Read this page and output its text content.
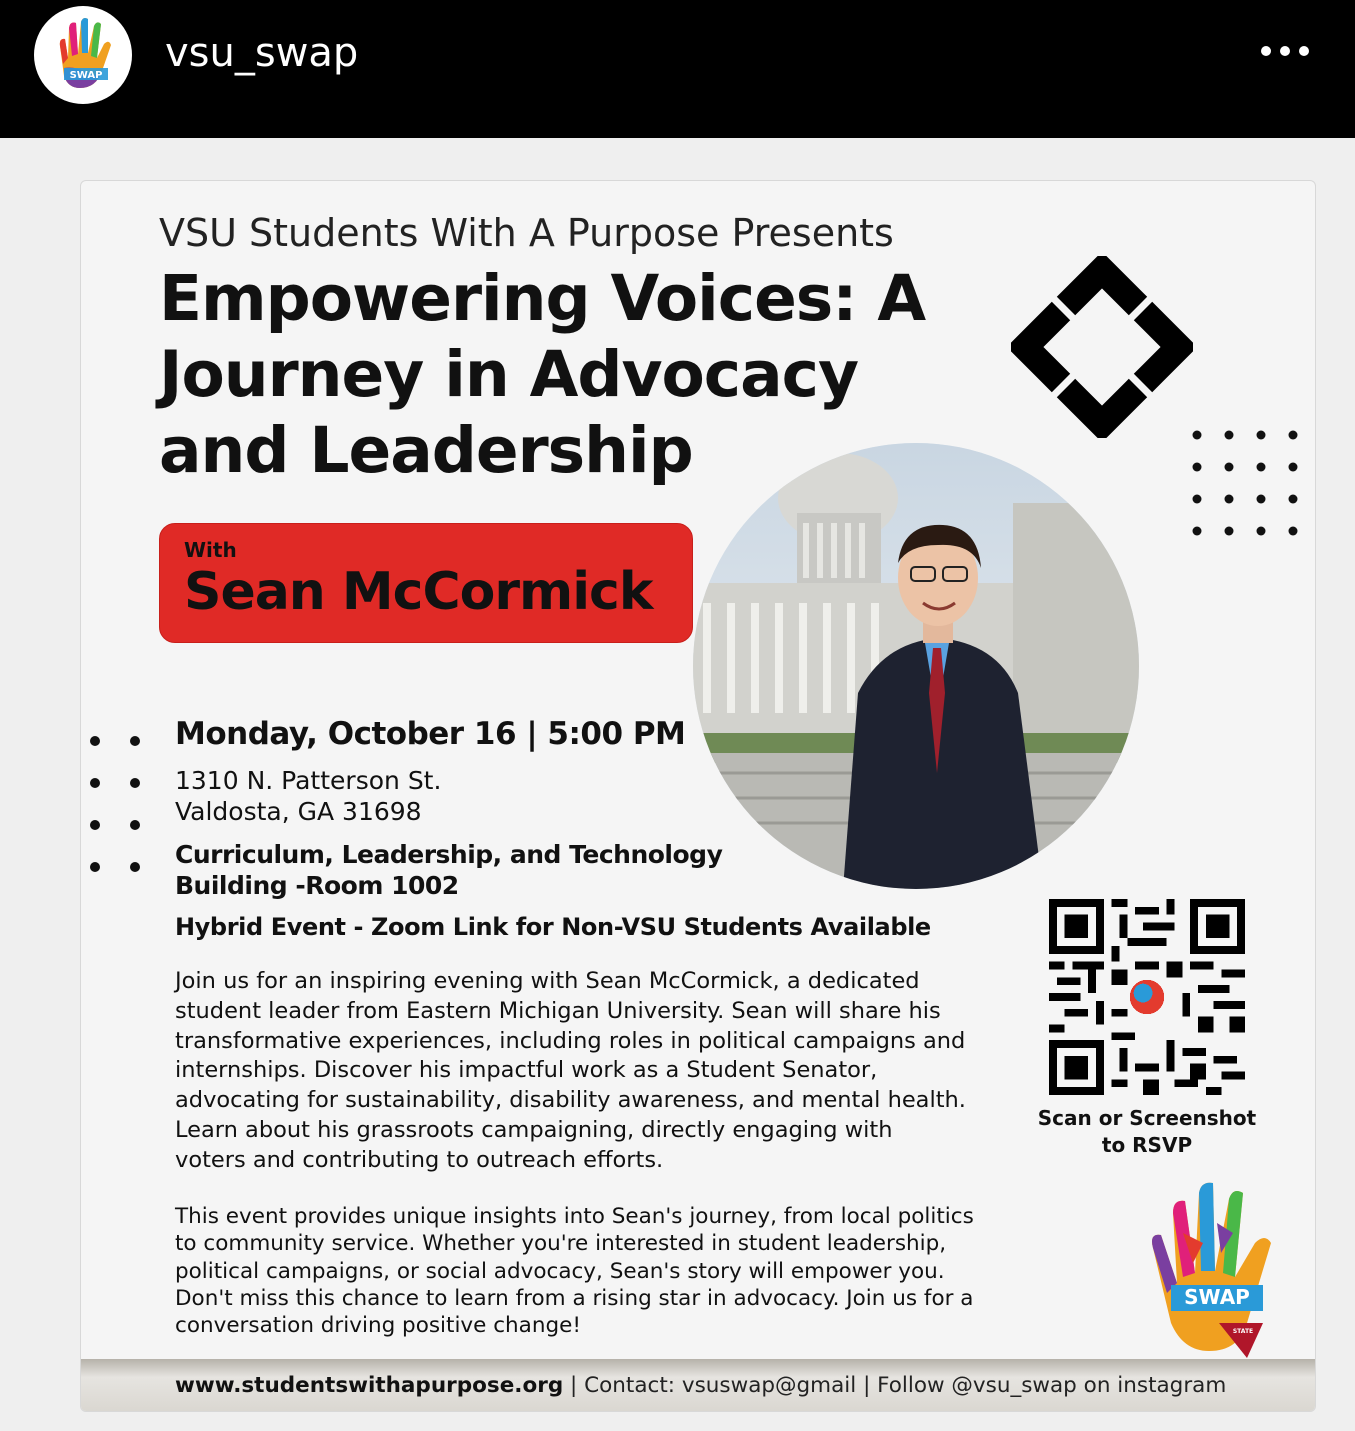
SWAP vsu_swap
VSU Students With A Purpose Presents
Empowering Voices: A
Journey in Advocacy
and Leadership
With
Sean McCormick
Monday, October 16 | 5:00 PM
1310 N. Patterson St.
Valdosta, GA 31698
Curriculum, Leadership, and Technology
Building -Room 1002
Hybrid Event - Zoom Link for Non-VSU Students Available
Join us for an inspiring evening with Sean McCormick, a dedicated
student leader from Eastern Michigan University. Sean will share his
transformative experiences, including roles in political campaigns and
internships. Discover his impactful work as a Student Senator,
advocating for sustainability, disability awareness, and mental health.
Learn about his grassroots campaigning, directly engaging with
voters and contributing to outreach efforts.
This event provides unique insights into Sean's journey, from local politics
to community service. Whether you're interested in student leadership,
political campaigns, or social advocacy, Sean's story will empower you.
Don't miss this chance to learn from a rising star in advocacy. Join us for a
conversation driving positive change!
Scan or Screenshot
to RSVP
SWAP
STATE
www.studentswithapurpose.org | Contact: vsuswap@gmail | Follow @vsu_swap on instagram
